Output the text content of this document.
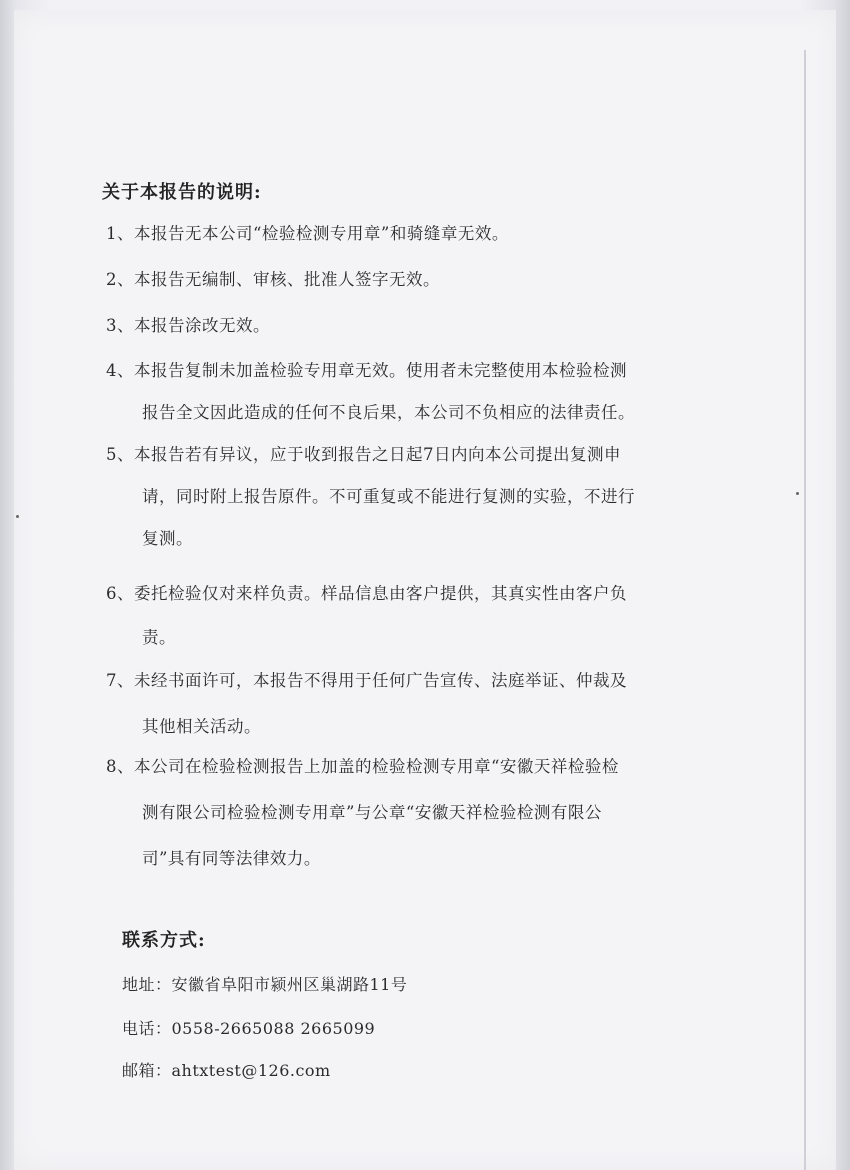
关于本报告的说明:
1、本报告无本公司“检验检测专用章”和骑缝章无效。
2、本报告无编制、审核、批准人签字无效。
3、本报告涂改无效。
4、本报告复制未加盖检验专用章无效。使用者未完整使用本检验检测
报告全文因此造成的任何不良后果，本公司不负相应的法律责任。
5、本报告若有异议，应于收到报告之日起7日内向本公司提出复测申
请，同时附上报告原件。不可重复或不能进行复测的实验，不进行
复测。
6、委托检验仅对来样负责。样品信息由客户提供，其真实性由客户负
责。
7、未经书面许可，本报告不得用于任何广告宣传、法庭举证、仲裁及
其他相关活动。
8、本公司在检验检测报告上加盖的检验检测专用章“安徽天祥检验检
测有限公司检验检测专用章”与公章“安徽天祥检验检测有限公
司”具有同等法律效力。
联系方式:
地址：安徽省阜阳市颍州区巢湖路11号
电话：0558-2665088 2665099
邮箱：ahtxtest@126.com
